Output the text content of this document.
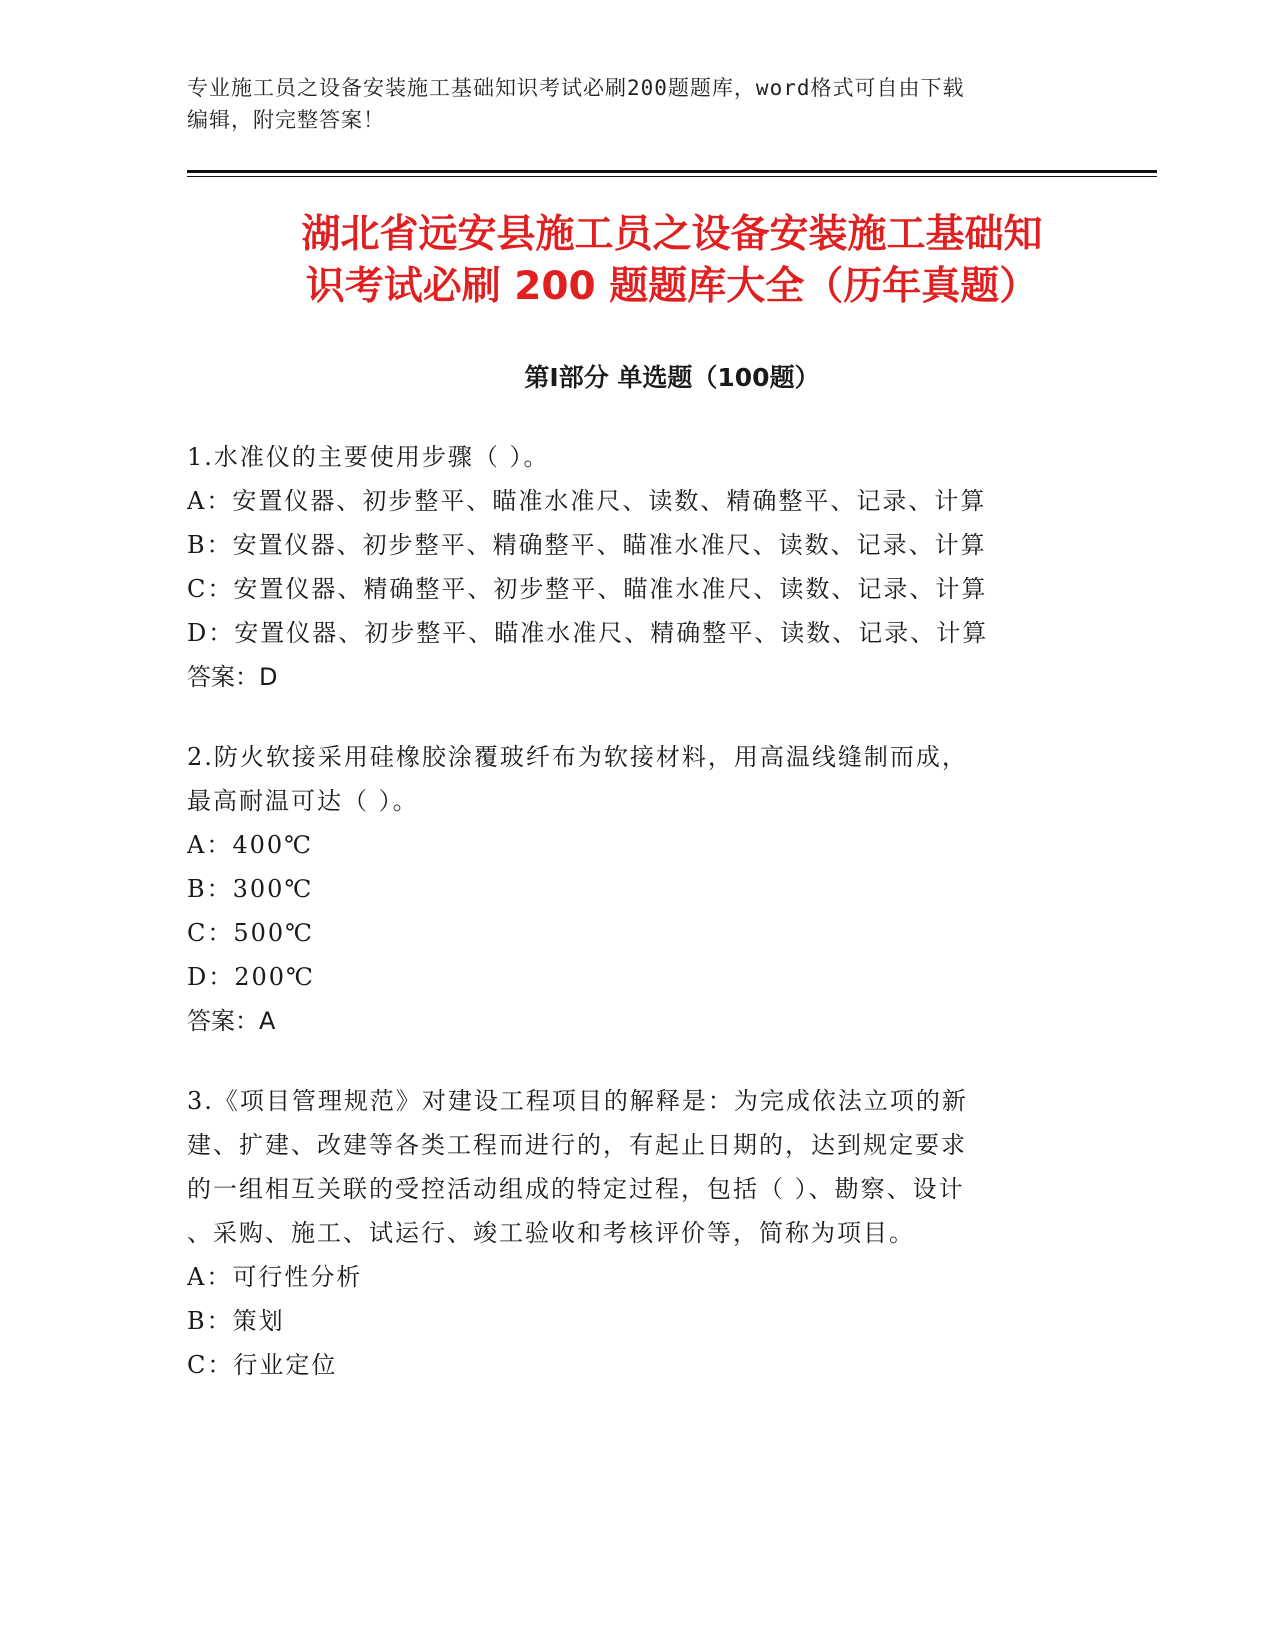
专业施工员之设备安装施工基础知识考试必刷200题题库，word格式可自由下载
编辑，附完整答案！
湖北省远安县施工员之设备安装施工基础知
识考试必刷 200 题题库大全（历年真题）
第Ⅰ部分 单选题（100题）

1.水准仪的主要使用步骤（ ）。

A：安置仪器、初步整平、瞄准水准尺、读数、精确整平、记录、计算

B：安置仪器、初步整平、精确整平、瞄准水准尺、读数、记录、计算

C：安置仪器、精确整平、初步整平、瞄准水准尺、读数、记录、计算

D：安置仪器、初步整平、瞄准水准尺、精确整平、读数、记录、计算

答案：D

2.防火软接采用硅橡胶涂覆玻纤布为软接材料，用高温线缝制而成，
最高耐温可达（ ）。

A：400℃

B：300℃

C：500℃

D：200℃

答案：A

3.《项目管理规范》对建设工程项目的解释是：为完成依法立项的新
建、扩建、改建等各类工程而进行的，有起止日期的，达到规定要求
的一组相互关联的受控活动组成的特定过程，包括（ ）、勘察、设计
、采购、施工、试运行、竣工验收和考核评价等，简称为项目。

A：可行性分析

B：策划

C：行业定位
